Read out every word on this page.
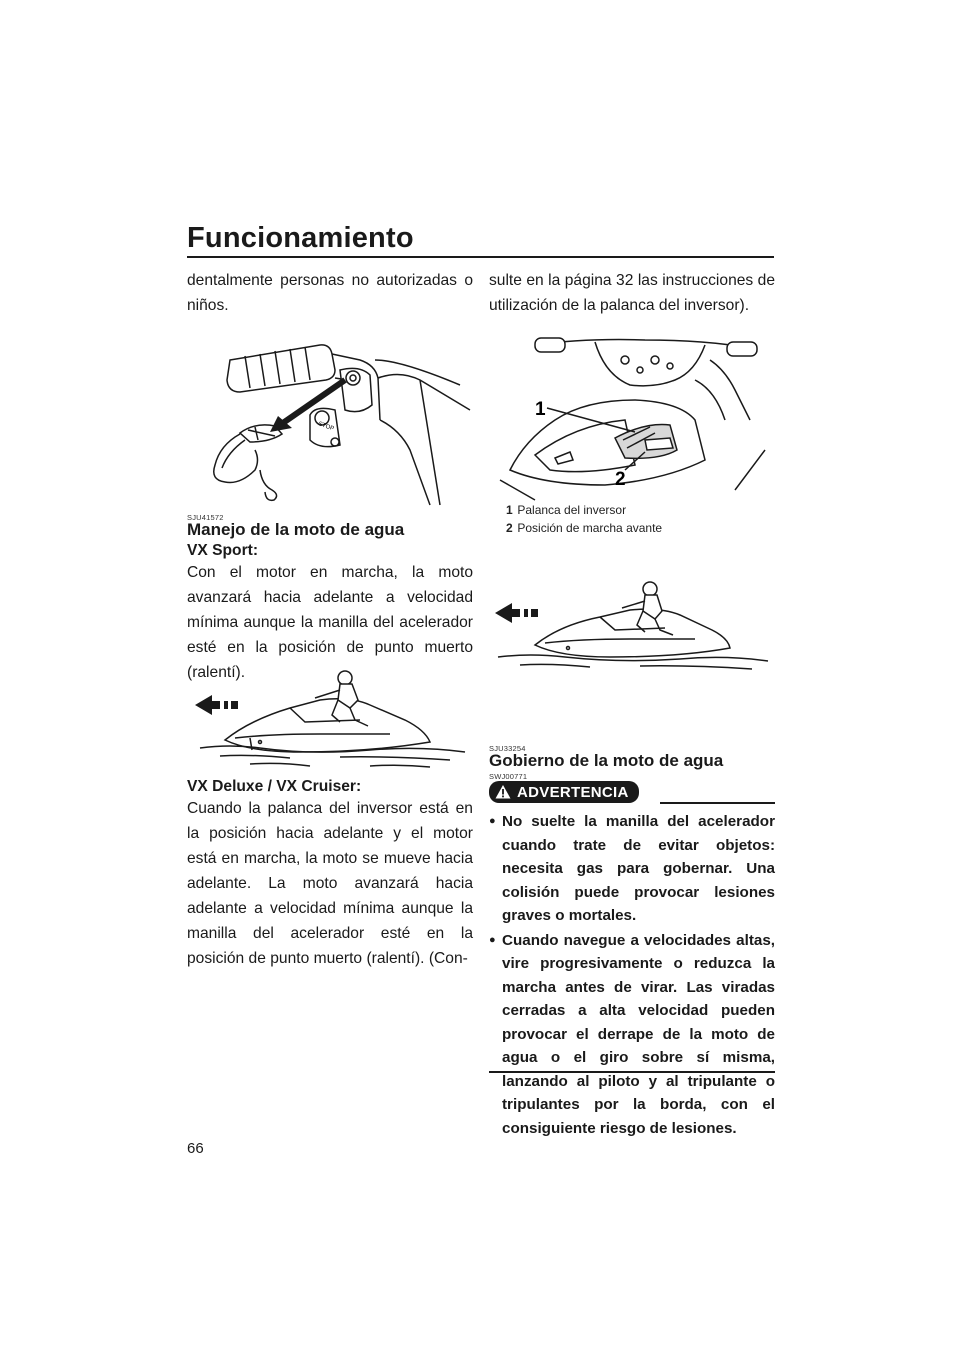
Funcionamiento
dentalmente personas no autorizadas o niños.
STOP
SJU41572
Manejo de la moto de agua
VX Sport:
Con el motor en marcha, la moto avanzará hacia adelante a velocidad mínima aunque la manilla del acelerador esté en la posición de punto muerto (ralentí).
VX Deluxe / VX Cruiser:
Cuando la palanca del inversor está en la posición hacia adelante y el motor está en marcha, la moto se mueve hacia adelante. La moto avanzará hacia adelante a velocidad mínima aunque la manilla del acelerador esté en la posición de punto muerto (ralentí). (Con-
66
sulte en la página 32 las instrucciones de utilización de la palanca del inversor).
1
2
1 Palanca del inversor
2 Posición de marcha avante
SJU33254
Gobierno de la moto de agua
SWJ00771
ADVERTENCIA
● No suelte la manilla del acelerador cuando trate de evitar objetos: necesita gas para gobernar. Una colisión puede provocar lesiones graves o mortales.
● Cuando navegue a velocidades altas, vire progresivamente o reduzca la marcha antes de virar. Las viradas cerradas a alta velocidad pueden provocar el derrape de la moto de agua o el giro sobre sí misma, lanzando al piloto y al tripulante o tripulantes por la borda, con el consiguiente riesgo de lesiones.
